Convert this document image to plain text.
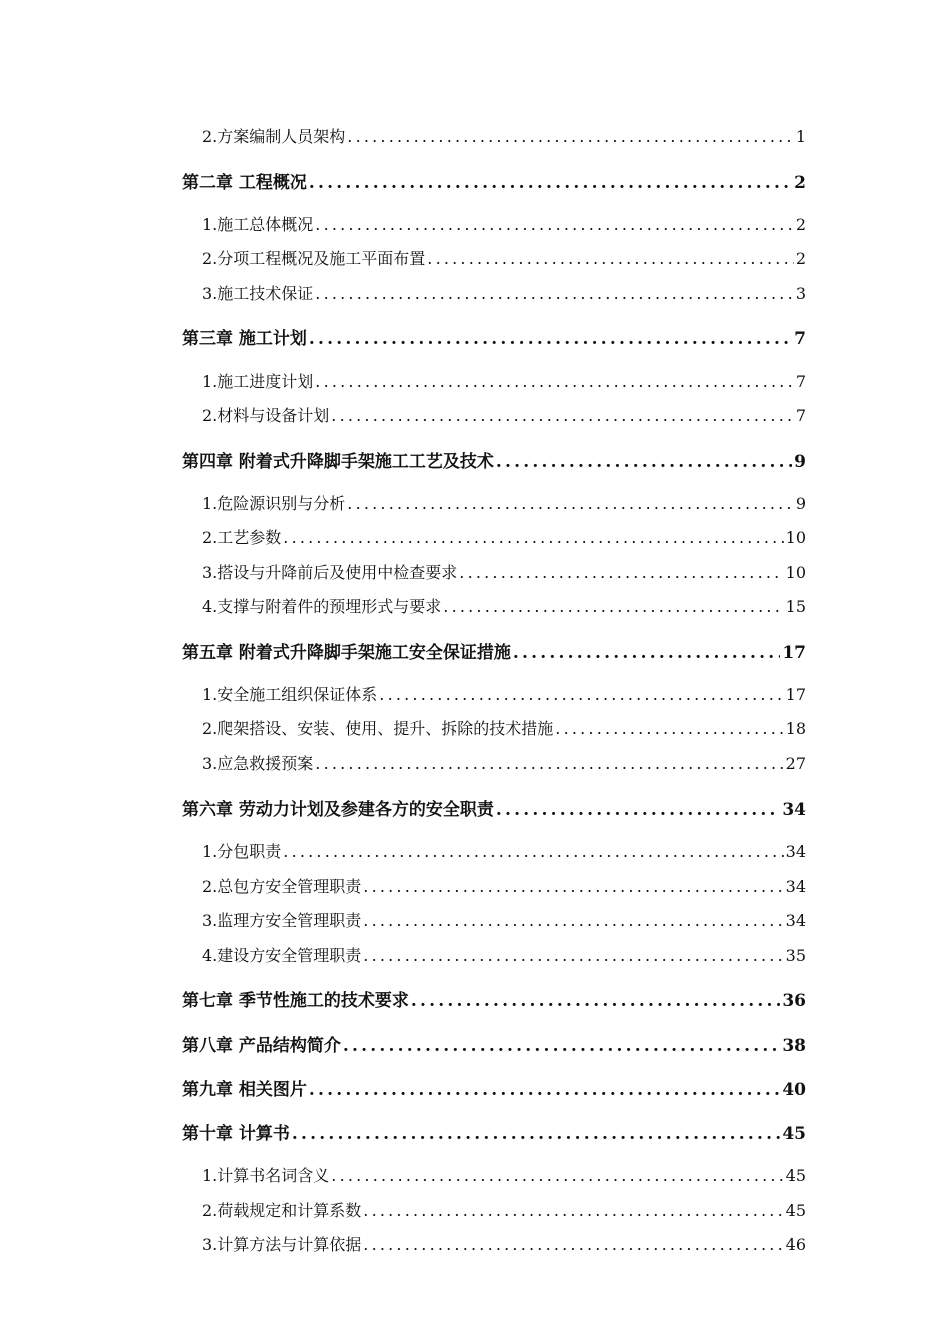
2.方案编制人员架构 .....	1
第二章 工程概况 .....	2
1.施工总体概况 .....	2
2.分项工程概况及施工平面布置 .....	2
3.施工技术保证 .....	3
第三章 施工计划 .....	7
1.施工进度计划 .....	7
2.材料与设备计划 .....	7
第四章 附着式升降脚手架施工工艺及技术 .....	9
1.危险源识别与分析 .....	9
2.工艺参数 .....	10
3.搭设与升降前后及使用中检查要求 .....	10
4.支撑与附着件的预埋形式与要求 .....	15
第五章 附着式升降脚手架施工安全保证措施 .....	17
1.安全施工组织保证体系 .....	17
2.爬架搭设、安装、使用、提升、拆除的技术措施 .....	18
3.应急救援预案 .....	27
第六章 劳动力计划及参建各方的安全职责 .....	34
1.分包职责 .....	34
2.总包方安全管理职责 .....	34
3.监理方安全管理职责 .....	34
4.建设方安全管理职责 .....	35
第七章 季节性施工的技术要求 .....	36
第八章 产品结构简介 .....	38
第九章 相关图片 .....	40
第十章 计算书 .....	45
1.计算书名词含义 .....	45
2.荷载规定和计算系数 .....	45
3.计算方法与计算依据 .....	46
